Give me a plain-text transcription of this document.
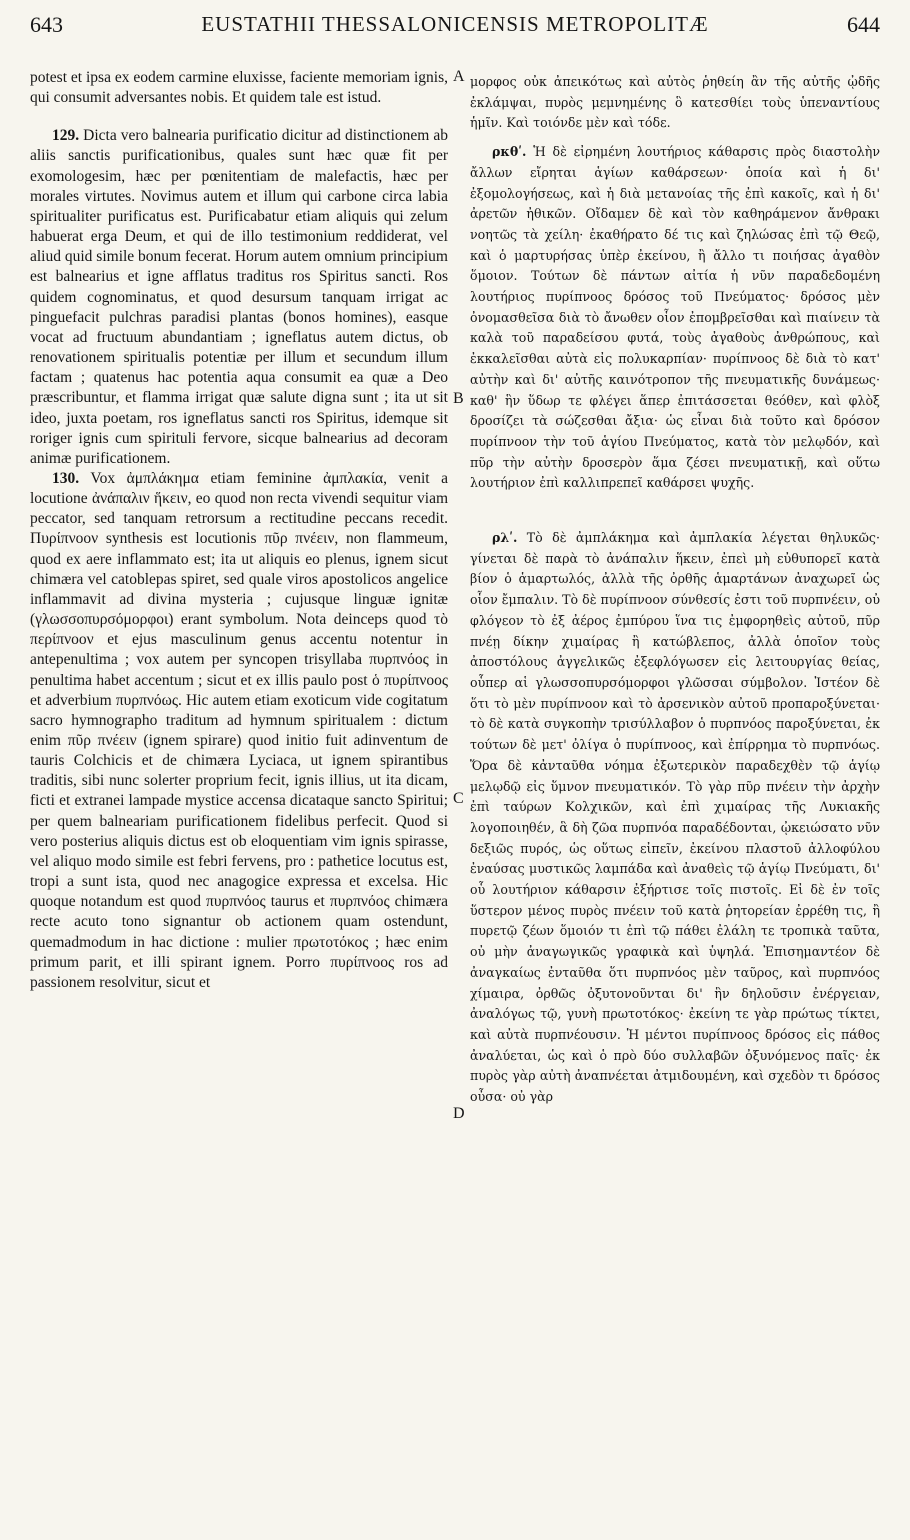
643	EUSTATHII THESSALONICENSIS METROPOLITÆ	644

potest et ipsa ex eodem carmine eluxisse, faciente memoriam ignis, qui consumit adversantes nobis. Et quidem tale est istud.

129. Dicta vero balnearia purificatio dicitur ad distinctionem ab aliis sanctis purificationibus, quales sunt hæc quæ fit per exomologesim, hæc per pœnitentiam de malefactis, hæc per morales virtutes. Novimus autem et illum qui carbone circa labia spiritualiter purificatus est. Purificabatur etiam aliquis qui zelum habuerat erga Deum, et qui de illo testimonium reddiderat, vel aliud quid simile bonum fecerat. Horum autem omnium principium est balnearius et igne afflatus traditus ros Spiritus sancti. Ros quidem cognominatus, et quod desursum tanquam irrigat ac pinguefacit pulchras paradisi plantas (bonos homines), easque vocat ad fructuum abundantiam ; igneflatus autem dictus, ob renovationem spiritualis potentiæ per illum et secundum illum factam ; quatenus hac potentia aqua consumit ea quæ a Deo præscribuntur, et flamma irrigat quæ salute digna sunt ; ita ut sit ideo, juxta poetam, ros igneflatus sancti ros Spiritus, idemque sit roriger ignis cum spirituli fervore, sicque balnearius ad decoram animæ purificationem.

130. Vox ἀμπλάκημα etiam feminine ἀμπλακία, venit a locutione ἀνάπαλιν ἥκειν, eo quod non recta vivendi sequitur viam peccator, sed tanquam retrorsum a rectitudine peccans recedit. Πυρίπνοον synthesis est locutionis πῦρ πνέειν, non flammeum, quod ex aere inflammato est; ita ut aliquis eo plenus, ignem sicut chimæra vel catoblepas spiret, sed quale viros apostolicos angelice inflammavit ad divina mysteria ; cujusque linguæ ignitæ (γλωσσοπυρσόμορφοι) erant symbolum. Nota deinceps quod τὸ περίπνοον et ejus masculinum genus accentu notentur in antepenultima ; vox autem per syncopen trisyllaba πυρπνόος in penultima habet accentum ; sicut et ex illis paulo post ὁ πυρίπνοος et adverbium πυρπνόως. Hic autem etiam exoticum vide cogitatum sacro hymnographo traditum ad hymnum spiritualem : dictum enim πῦρ πνέειν (ignem spirare) quod initio fuit adinventum de tauris Colchicis et de chimæra Lyciaca, ut ignem spirantibus traditis, sibi nunc solerter proprium fecit, ignis illius, ut ita dicam, ficti et extranei lampade mystice accensa dicataque sancto Spiritui; per quem balneariam purificationem fidelibus perfecit. Quod si vero posterius aliquis dictus est ob eloquentiam vim ignis spirasse, vel aliquo modo simile est febri fervens, pro : pathetice locutus est, tropi a sunt ista, quod nec anagogice expressa et excelsa. Hic quoque notandum est quod πυρπνόος taurus et πυρπνόος chimæra recte acuto tono signantur ob actionem quam ostendunt, quemadmodum in hac dictione : mulier πρωτοτόκος ; hæc enim primum parit, et illi spirant ignem. Porro πυρίπνοος ros ad passionem resolvitur, sicut et

A
B
C
D

μορφος οὐκ ἀπεικότως καὶ αὐτὸς ῥηθείη ἂν τῆς αὐτῆς ᾠδῆς ἐκλάμψαι, πυρὸς μεμνημένης ὃ κατεσθίει τοὺς ὑπεναντίους ἡμῖν. Καὶ τοιόνδε μὲν καὶ τόδε.

ρκθʹ. Ἡ δὲ εἰρημένη λουτήριος κάθαρσις πρὸς διαστολὴν ἄλλων εἴρηται ἁγίων καθάρσεων· ὁποία καὶ ἡ δι' ἐξομολογήσεως, καὶ ἡ διὰ μετανοίας τῆς ἐπὶ κακοῖς, καὶ ἡ δι' ἀρετῶν ἠθικῶν. Οἴδαμεν δὲ καὶ τὸν καθηράμενον ἄνθρακι νοητῶς τὰ χείλη· ἐκαθήρατο δέ τις καὶ ζηλώσας ἐπὶ τῷ Θεῷ, καὶ ὁ μαρτυρήσας ὑπὲρ ἐκείνου, ἢ ἄλλο τι ποιήσας ἀγαθὸν ὅμοιον. Τούτων δὲ πάντων αἰτία ἡ νῦν παραδεδομένη λουτήριος πυρίπνοος δρόσος τοῦ Πνεύματος· δρόσος μὲν ὀνομασθεῖσα διὰ τὸ ἄνωθεν οἷον ἐπομβρεῖσθαι καὶ πιαίνειν τὰ καλὰ τοῦ παραδείσου φυτά, τοὺς ἀγαθοὺς ἀνθρώπους, καὶ ἐκκαλεῖσθαι αὐτὰ εἰς πολυκαρπίαν· πυρίπνοος δὲ διὰ τὸ κατ' αὐτὴν καὶ δι' αὐτῆς καινότροπον τῆς πνευματικῆς δυνάμεως· καθ' ἣν ὕδωρ τε φλέγει ἅπερ ἐπιτάσσεται θεόθεν, καὶ φλὸξ δροσίζει τὰ σώζεσθαι ἄξια· ὡς εἶναι διὰ τοῦτο καὶ δρόσον πυρίπνοον τὴν τοῦ ἁγίου Πνεύματος, κατὰ τὸν μελῳδόν, καὶ πῦρ τὴν αὐτὴν δροσερὸν ἅμα ζέσει πνευματικῇ, καὶ οὕτω λουτήριον ἐπὶ καλλιπρεπεῖ καθάρσει ψυχῆς.

ρλʹ. Τὸ δὲ ἀμπλάκημα καὶ ἀμπλακία λέγεται θηλυκῶς· γίνεται δὲ παρὰ τὸ ἀνάπαλιν ἥκειν, ἐπεὶ μὴ εὐθυπορεῖ κατὰ βίον ὁ ἁμαρτωλός, ἀλλὰ τῆς ὀρθῆς ἁμαρτάνων ἀναχωρεῖ ὡς οἷον ἔμπαλιν. Τὸ δὲ πυρίπνοον σύνθεσίς ἐστι τοῦ πυρπνέειν, οὐ φλόγεον τὸ ἐξ ἀέρος ἐμπύρου ἵνα τις ἐμφορηθεὶς αὐτοῦ, πῦρ πνέῃ δίκην χιμαίρας ἢ κατώβλεπος, ἀλλὰ ὁποῖον τοὺς ἀποστόλους ἀγγελικῶς ἐξεφλόγωσεν εἰς λειτουργίας θείας, οὗπερ αἱ γλωσσοπυρσόμορφοι γλῶσσαι σύμβολον. Ἰστέον δὲ ὅτι τὸ μὲν πυρίπνοον καὶ τὸ ἀρσενικὸν αὐτοῦ προπαροξύνεται· τὸ δὲ κατὰ συγκοπὴν τρισύλλαβον ὁ πυρπνόος παροξύνεται, ἐκ τούτων δὲ μετ' ὀλίγα ὁ πυρίπνοος, καὶ ἐπίρρημα τὸ πυρπνόως. Ὅρα δὲ κἀνταῦθα νόημα ἐξωτερικὸν παραδεχθὲν τῷ ἁγίῳ μελῳδῷ εἰς ὕμνον πνευματικόν. Τὸ γὰρ πῦρ πνέειν τὴν ἀρχὴν ἐπὶ ταύρων Κολχικῶν, καὶ ἐπὶ χιμαίρας τῆς Λυκιακῆς λογοποιηθέν, ἃ δὴ ζῶα πυρπνόα παραδέδονται, ᾠκειώσατο νῦν δεξιῶς πυρός, ὡς οὕτως εἰπεῖν, ἐκείνου πλαστοῦ ἀλλοφύλου ἐναύσας μυστικῶς λαμπάδα καὶ ἀναθεὶς τῷ ἁγίῳ Πνεύματι, δι' οὗ λουτήριον κάθαρσιν ἐξήρτισε τοῖς πιστοῖς. Εἰ δὲ ἐν τοῖς ὕστερον μένος πυρὸς πνέειν τοῦ κατὰ ῥητορείαν ἐρρέθη τις, ἢ πυρετῷ ζέων ὅμοιόν τι ἐπὶ τῷ πάθει ἐλάλη τε τροπικὰ ταῦτα, οὐ μὴν ἀναγωγικῶς γραφικὰ καὶ ὑψηλά. Ἐπισημαντέον δὲ ἀναγκαίως ἐνταῦθα ὅτι πυρπνόος μὲν ταῦρος, καὶ πυρπνόος χίμαιρα, ὀρθῶς ὀξυτονοῦνται δι' ἣν δηλοῦσιν ἐνέργειαν, ἀναλόγως τῷ, γυνὴ πρωτοτόκος· ἐκείνη τε γὰρ πρώτως τίκτει, καὶ αὐτὰ πυρπνέουσιν. Ἡ μέντοι πυρίπνοος δρόσος εἰς πάθος ἀναλύεται, ὡς καὶ ὁ πρὸ δύο συλλαβῶν ὀξυνόμενος παῖς· ἐκ πυρὸς γὰρ αὐτὴ ἀναπνέεται ἀτμιδουμένη, καὶ σχεδὸν τι δρόσος οὖσα· οὐ γὰρ
